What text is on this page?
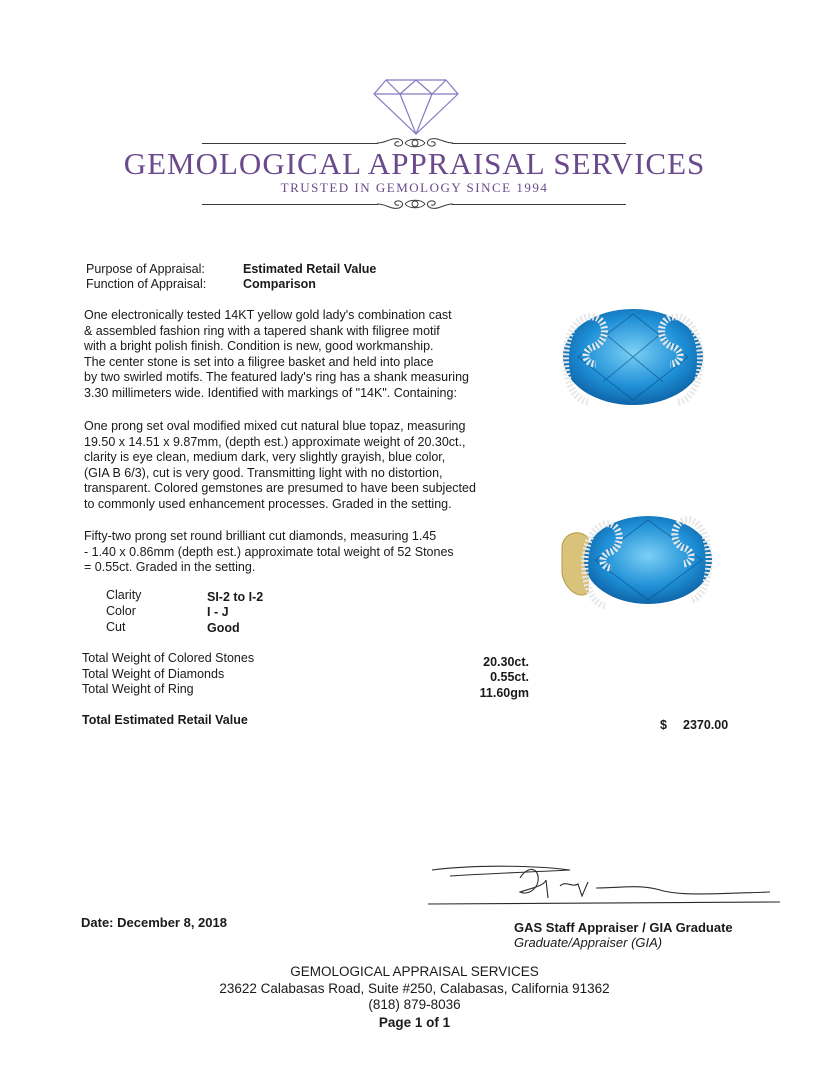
GEMOLOGICAL APPRAISAL SERVICES
TRUSTED IN GEMOLOGY SINCE 1994
Purpose of Appraisal:	Estimated Retail Value
Function of Appraisal:	Comparison
One electronically tested 14KT yellow gold lady's combination cast
& assembled fashion ring with a tapered shank with filigree motif
with a bright polish finish. Condition is new, good workmanship.
The center stone is set into a filigree basket and held into place
by two swirled motifs. The featured lady's ring has a shank measuring
3.30 millimeters wide. Identified with markings of "14K". Containing:
One prong set oval modified mixed cut natural blue topaz, measuring
19.50 x 14.51 x 9.87mm, (depth est.) approximate weight of 20.30ct.,
clarity is eye clean, medium dark, very slightly grayish, blue color,
(GIA B 6/3), cut is very good. Transmitting light with no distortion,
transparent. Colored gemstones are presumed to have been subjected
to commonly used enhancement processes. Graded in the setting.
Fifty-two prong set round brilliant cut diamonds, measuring 1.45
- 1.40 x 0.86mm (depth est.) approximate total weight of 52 Stones
= 0.55ct. Graded in the setting.
Clarity	SI-2 to I-2
Color	I - J
Cut	Good
Total Weight of Colored Stones	20.30ct.
Total Weight of Diamonds	0.55ct.
Total Weight of Ring	11.60gm
Total Estimated Retail Value	$ 2370.00
Date: December 8, 2018	GAS Staff Appraiser / GIA Graduate
Graduate/Appraiser (GIA)
GEMOLOGICAL APPRAISAL SERVICES
23622 Calabasas Road, Suite #250, Calabasas, California 91362
(818) 879-8036
Page 1 of 1
